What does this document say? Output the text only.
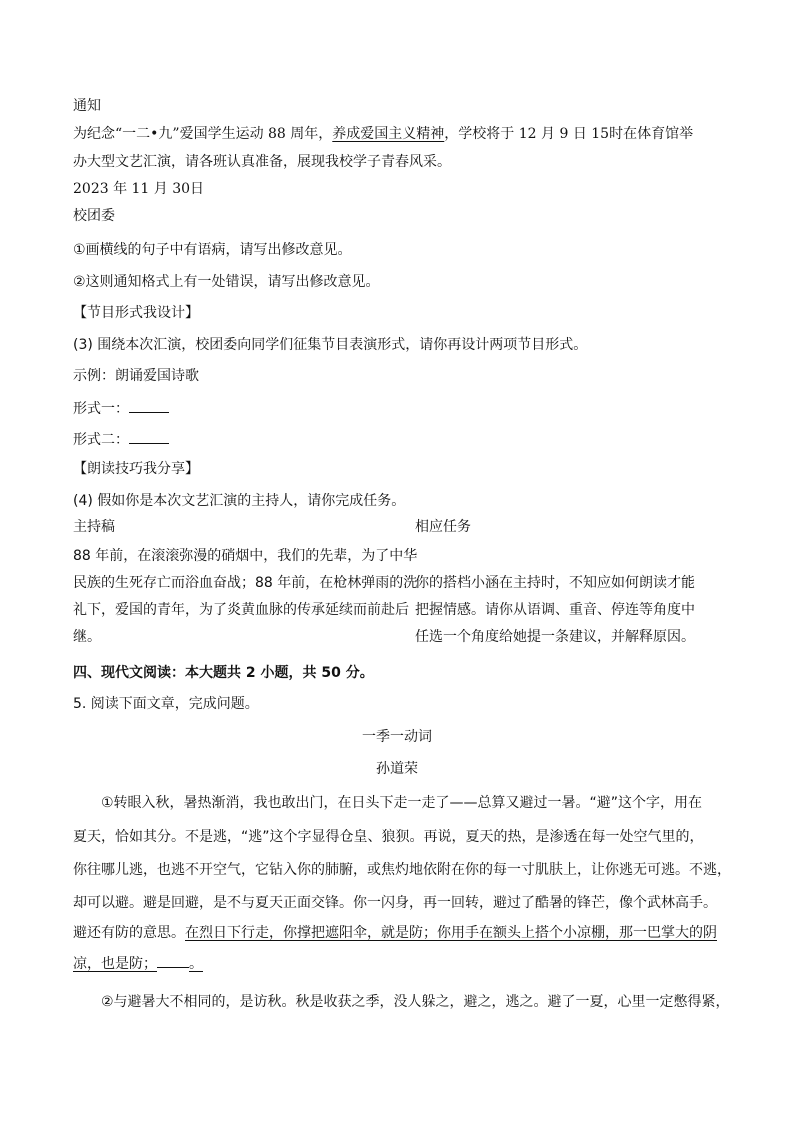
通知
为纪念“一二•九”爱国学生运动 88 周年，养成爱国主义精神，学校将于 12 月 9 日 15时在体育馆举
办大型文艺汇演，请各班认真准备，展现我校学子青春风采。
2023 年 11 月 30日
校团委
①画横线的句子中有语病，请写出修改意见。
②这则通知格式上有一处错误，请写出修改意见。
【节目形式我设计】
(3) 围绕本次汇演，校团委向同学们征集节目表演形式，请你再设计两项节目形式。
示例：朗诵爱国诗歌
形式一：
形式二：
【朗读技巧我分享】
(4) 假如你是本次文艺汇演的主持人，请你完成任务。
主持稿	相应任务
88 年前，在滚滚弥漫的硝烟中，我们的先辈，为了中华
民族的生死存亡而浴血奋战；88 年前，在枪林弹雨的洗
礼下，爱国的青年，为了炎黄血脉的传承延续而前赴后
继。
你的搭档小涵在主持时，不知应如何朗读才能
把握情感。请你从语调、重音、停连等角度中
任选一个角度给她提一条建议，并解释原因。
四、现代文阅读：本大题共 2 小题，共 50 分。
5. 阅读下面文章，完成问题。
一季一动词
孙道荣
①转眼入秋，暑热渐消，我也敢出门，在日头下走一走了——总算又避过一暑。“避”这个字，用在
夏天，恰如其分。不是逃，“逃”这个字显得仓皇、狼狈。再说，夏天的热，是渗透在每一处空气里的，
你往哪儿逃，也逃不开空气，它钻入你的肺腑，或焦灼地依附在你的每一寸肌肤上，让你逃无可逃。不逃，
却可以避。避是回避，是不与夏天正面交锋。你一闪身，再一回转，避过了酷暑的锋芒，像个武林高手。
避还有防的意思。在烈日下行走，你撑把遮阳伞，就是防；你用手在额头上搭个小凉棚，那一巴掌大的阴
凉，也是防； 。
②与避暑大不相同的，是访秋。秋是收获之季，没人躲之，避之，逃之。避了一夏，心里一定憋得紧，
